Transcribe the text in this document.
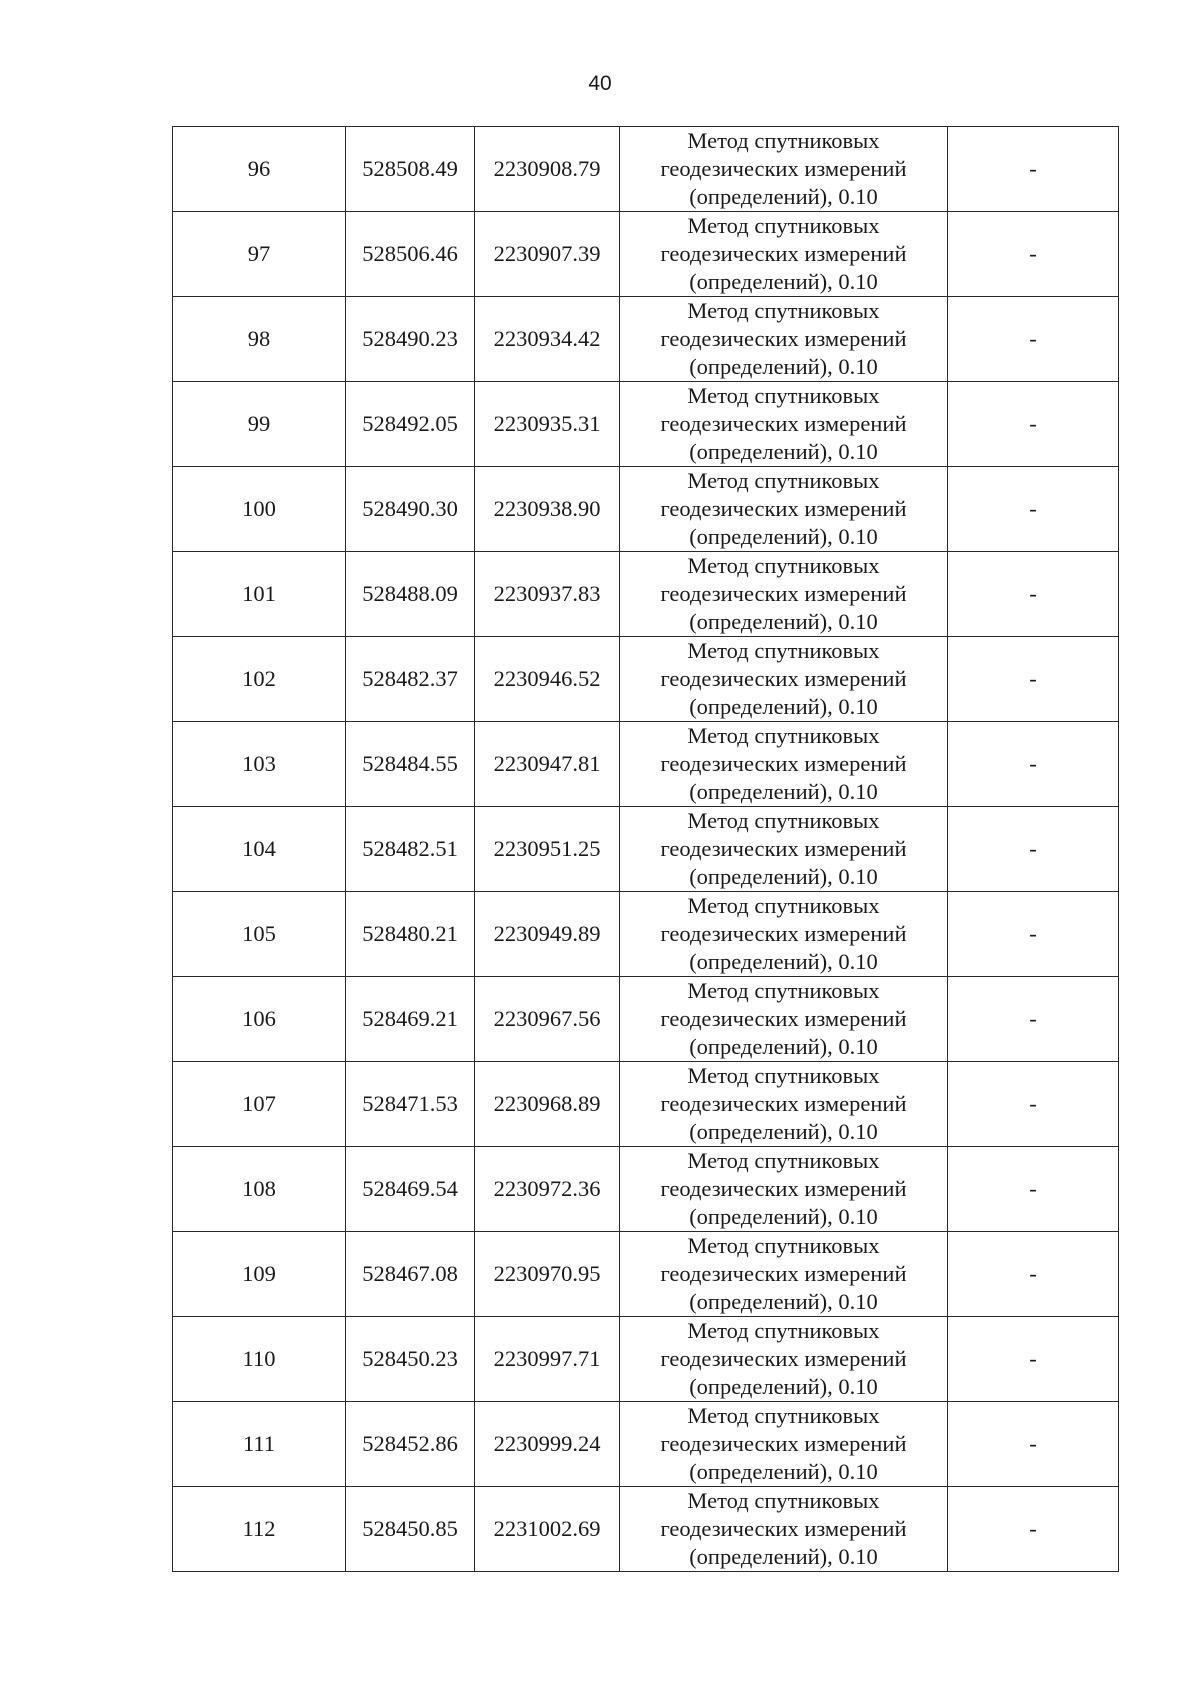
40
96	528508.49	2230908.79	Метод спутниковых
геодезических измерений
(определений), 0.10	-
97	528506.46	2230907.39	Метод спутниковых
геодезических измерений
(определений), 0.10	-
98	528490.23	2230934.42	Метод спутниковых
геодезических измерений
(определений), 0.10	-
99	528492.05	2230935.31	Метод спутниковых
геодезических измерений
(определений), 0.10	-
100	528490.30	2230938.90	Метод спутниковых
геодезических измерений
(определений), 0.10	-
101	528488.09	2230937.83	Метод спутниковых
геодезических измерений
(определений), 0.10	-
102	528482.37	2230946.52	Метод спутниковых
геодезических измерений
(определений), 0.10	-
103	528484.55	2230947.81	Метод спутниковых
геодезических измерений
(определений), 0.10	-
104	528482.51	2230951.25	Метод спутниковых
геодезических измерений
(определений), 0.10	-
105	528480.21	2230949.89	Метод спутниковых
геодезических измерений
(определений), 0.10	-
106	528469.21	2230967.56	Метод спутниковых
геодезических измерений
(определений), 0.10	-
107	528471.53	2230968.89	Метод спутниковых
геодезических измерений
(определений), 0.10	-
108	528469.54	2230972.36	Метод спутниковых
геодезических измерений
(определений), 0.10	-
109	528467.08	2230970.95	Метод спутниковых
геодезических измерений
(определений), 0.10	-
110	528450.23	2230997.71	Метод спутниковых
геодезических измерений
(определений), 0.10	-
111	528452.86	2230999.24	Метод спутниковых
геодезических измерений
(определений), 0.10	-
112	528450.85	2231002.69	Метод спутниковых
геодезических измерений
(определений), 0.10	-
